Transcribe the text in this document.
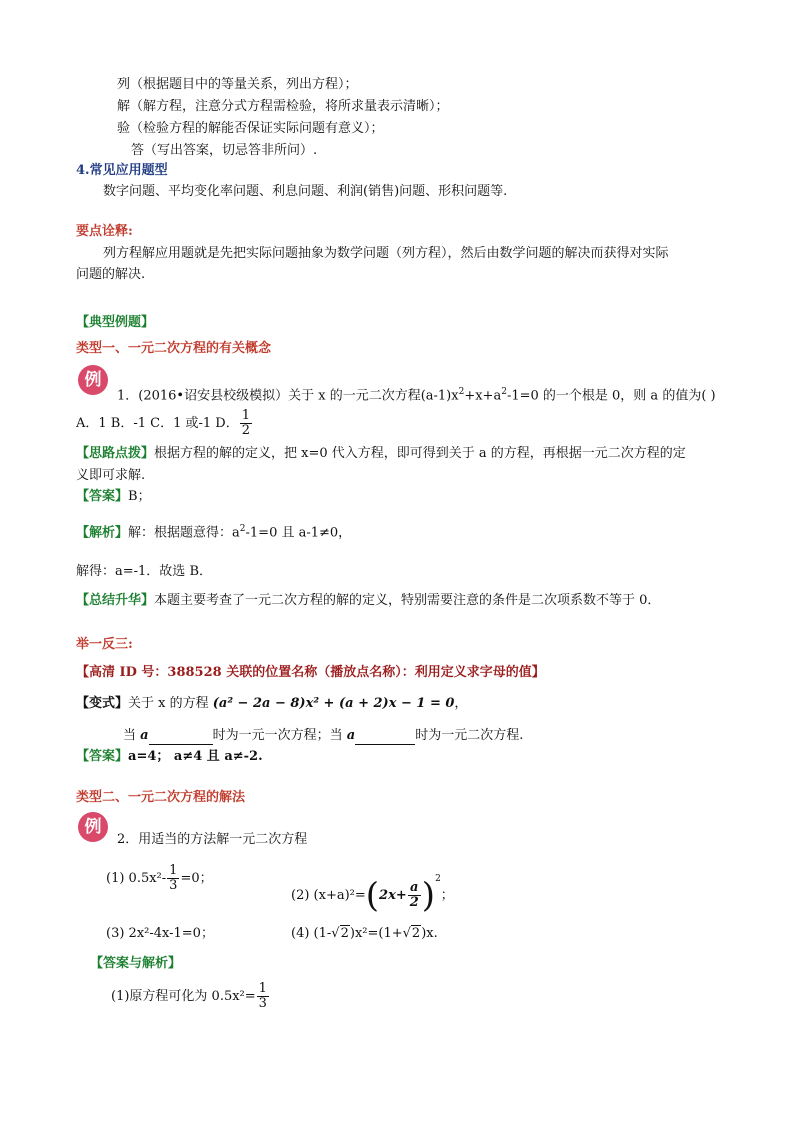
列（根据题目中的等量关系，列出方程）；
解（解方程，注意分式方程需检验，将所求量表示清晰）；
验（检验方程的解能否保证实际问题有意义）；
答（写出答案，切忌答非所问）.
4.常见应用题型
数字问题、平均变化率问题、利息问题、利润(销售)问题、形积问题等.
要点诠释:
列方程解应用题就是先把实际问题抽象为数学问题（列方程），然后由数学问题的解决而获得对实际
问题的解决.
【典型例题】
类型一、一元二次方程的有关概念
例
1．(2016•诏安县校级模拟）关于 x 的一元二次方程$(a-1)x^2+x+a^2-1=0$ 的一个根是 0，则 a 的值为( )
A．1 B．-1 C．1 或-1 D． $\frac{1}{2}$
【思路点拨】根据方程的解的定义，把 x=0 代入方程，即可得到关于 a 的方程，再根据一元二次方程的定
义即可求解.
【答案】B；
【解析】解：根据题意得：$a^2-1=0$ 且 a-1≠0，
解得：a=-1．故选 B．
【总结升华】本题主要考查了一元二次方程的解的定义，特别需要注意的条件是二次项系数不等于 0．
举一反三:
【高清 ID 号：388528 关联的位置名称（播放点名称）：利用定义求字母的值】
【变式】关于 x 的方程 (a² − 2a − 8)x² + (a + 2)x − 1 = 0，
当 a	时为一元一次方程；当 a	时为一元二次方程.
【答案】a=4； a≠4 且 a≠-2.
类型二、一元二次方程的解法
例
2．用适当的方法解一元二次方程
(1) $0.5x^2- \frac{1}{3} =0$；
(2) $(x+a)^2=(2x+ \frac{a}{2} )^2$；
(3) 2x²-4x-1=0；	(4) (1-√2)x²=(1+√2)x.
【答案与解析】
(1)原方程可化为 $0.5x^2= \frac{1}{3}$
